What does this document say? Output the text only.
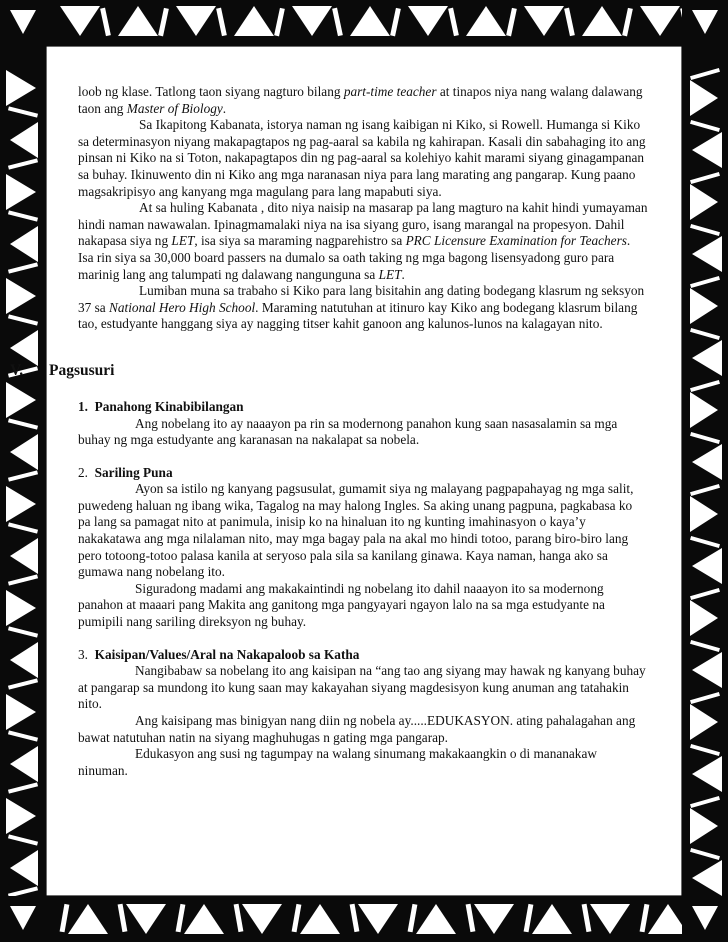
loob ng klase. Tatlong taon siyang nagturo bilang part-time teacher at tinapos niya nang walang dalawang taon ang Master of Biology.

Sa Ikapitong Kabanata, istorya naman ng isang kaibigan ni Kiko, si Rowell. Humanga si Kiko sa determinasyon niyang makapagtapos ng pag-aaral sa kabila ng kahirapan. Kasali din sabahaging ito ang pinsan ni Kiko na si Toton, nakapagtapos din ng pag-aaral sa kolehiyo kahit marami siyang ginagampanan sa buhay. Ikinuwento din ni Kiko ang mga naranasan niya para lang marating ang pangarap. Kung paano magsakripisyo ang kanyang mga magulang para lang mapabuti siya.

At sa huling Kabanata , dito niya naisip na masarap pa lang magturo na kahit hindi yumayaman hindi naman nawawalan. Ipinagmamalaki niya na isa siyang guro, isang marangal na propesyon. Dahil nakapasa siya ng LET, isa siya sa maraming nagparehistro sa PRC Licensure Examination for Teachers. Isa rin siya sa 30,000 board passers na dumalo sa oath taking ng mga bagong lisensyadong guro para marinig lang ang talumpati ng dalawang nangunguna sa LET.

Lumiban muna sa trabaho si Kiko para lang bisitahin ang dating bodegang klasrum ng seksyon 37 sa National Hero High School. Maraming natutuhan at itinuro kay Kiko ang bodegang klasrum bilang tao, estudyante hanggang siya ay nagging titser kahit ganoon ang kalunos-lunos na kalagayan nito.

V. Pagsusuri

1. Panahong Kinabibilangan

Ang nobelang ito ay naaayon pa rin sa modernong panahon kung saan nasasalamin sa mga buhay ng mga estudyante ang karanasan na nakalapat sa nobela.

2. Sariling Puna

Ayon sa istilo ng kanyang pagsusulat, gumamit siya ng malayang pagpapahayag ng mga salit, puwedeng haluan ng ibang wika, Tagalog na may halong Ingles. Sa aking unang pagpuna, pagkabasa ko pa lang sa pamagat nito at panimula, inisip ko na hinaluan ito ng kunting imahinasyon o kaya’y nakakatawa ang mga nilalaman nito, may mga bagay pala na akal mo hindi totoo, parang biro-biro lang pero totoong-totoo palasa kanila at seryoso pala sila sa kanilang ginawa. Kaya naman, hanga ako sa gumawa nang nobelang ito.

Siguradong madami ang makakaintindi ng nobelang ito dahil naaayon ito sa modernong panahon at maaari pang Makita ang ganitong mga pangyayari ngayon lalo na sa mga estudyante na pumipili nang sariling direksyon ng buhay.

3. Kaisipan/Values/Aral na Nakapaloob sa Katha

Nangibabaw sa nobelang ito ang kaisipan na “ang tao ang siyang may hawak ng kanyang buhay at pangarap sa mundong ito kung saan may kakayahan siyang magdesisyon kung anuman ang tatahakin nito.

Ang kaisipang mas binigyan nang diin ng nobela ay.....EDUKASYON. ating pahalagahan ang bawat natutuhan natin na siyang maghuhugas n gating mga pangarap.

Edukasyon ang susi ng tagumpay na walang sinumang makakaangkin o di mananakaw ninuman.
